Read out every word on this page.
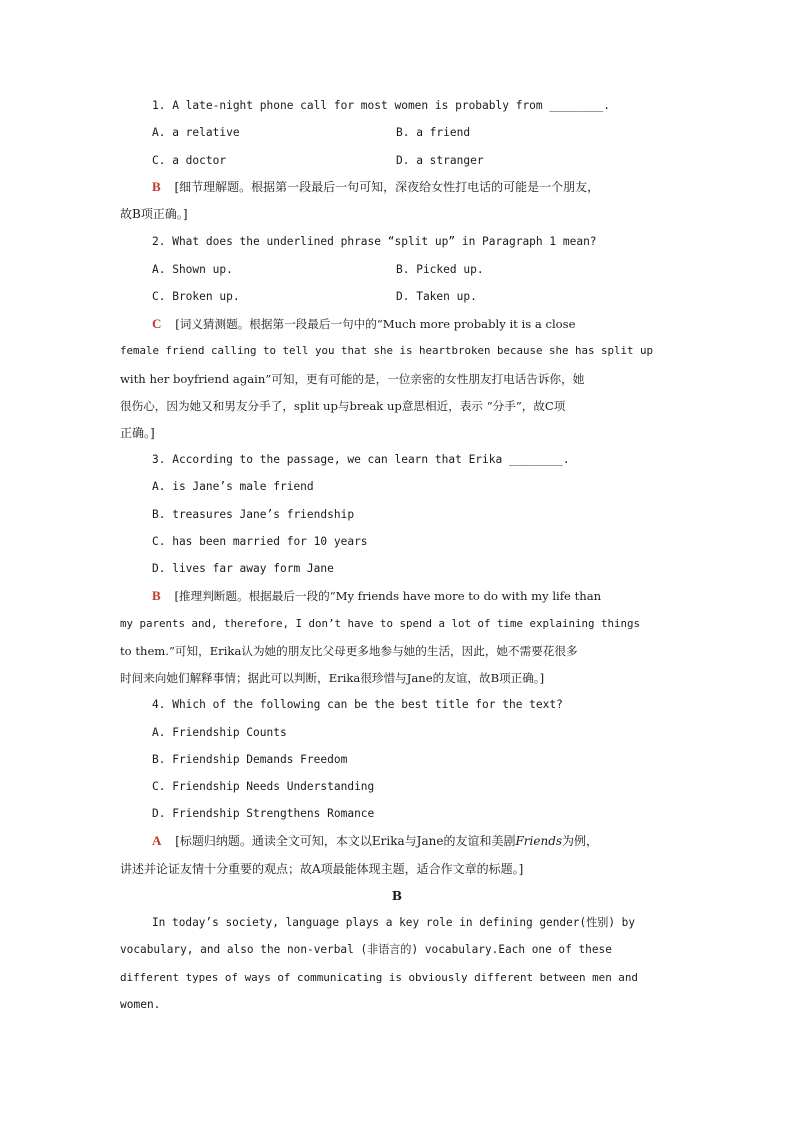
1. A late-night phone call for most women is probably from ________.
A. a relative	B. a friend
C. a doctor	D. a stranger
B [细节理解题。根据第一段最后一句可知，深夜给女性打电话的可能是一个朋友，
故B项正确。]
2. What does the underlined phrase “split up” in Paragraph 1 mean?
A. Shown up.	B. Picked up.
C. Broken up.	D. Taken up.
C [词义猜测题。根据第一段最后一句中的“Much more probably it is a close
female friend calling to tell you that she is heartbroken because she has split up
with her boyfriend again”可知，更有可能的是，一位亲密的女性朋友打电话告诉你，她
很伤心，因为她又和男友分手了，split up与break up意思相近，表示 “分手”，故C项
正确。]
3. According to the passage, we can learn that Erika ________.
A. is Jane’s male friend
B. treasures Jane’s friendship
C. has been married for 10 years
D. lives far away form Jane
B [推理判断题。根据最后一段的“My friends have more to do with my life than
my parents and, therefore, I don’t have to spend a lot of time explaining things
to them.”可知，Erika认为她的朋友比父母更多地参与她的生活，因此，她不需要花很多
时间来向她们解释事情；据此可以判断，Erika很珍惜与Jane的友谊，故B项正确。]
4. Which of the following can be the best title for the text?
A. Friendship Counts
B. Friendship Demands Freedom
C. Friendship Needs Understanding
D. Friendship Strengthens Romance
A [标题归纳题。通读全文可知，本文以Erika与Jane的友谊和美剧Friends为例，
讲述并论证友情十分重要的观点；故A项最能体现主题，适合作文章的标题。]
B
In today’s society, language plays a key role in defining gender(性别) by
vocabulary, and also the non-verbal (非语言的) vocabulary.Each one of these
different types of ways of communicating is obviously different between men and
women.
